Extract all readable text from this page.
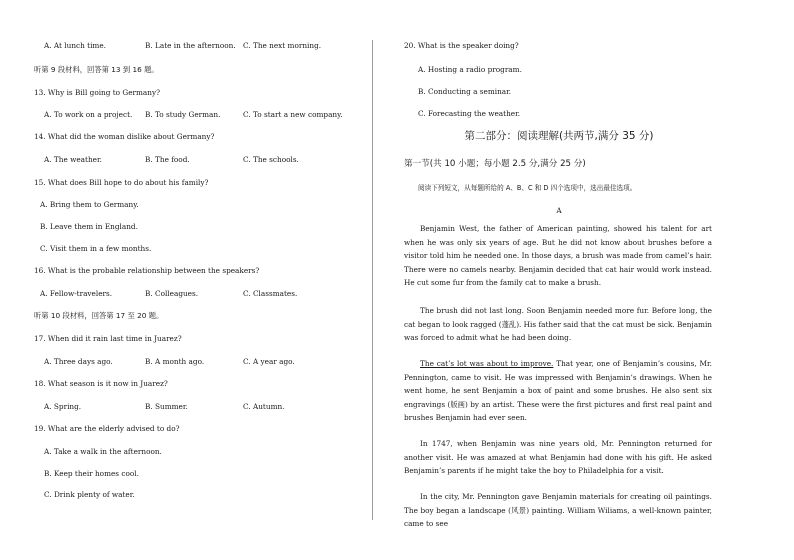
A. At lunch time.	B. Late in the afternoon. C. The next morning.
听第 9 段材料，回答第 13 到 16 题。
13. Why is Bill going to Germany?
A. To work on a project. B. To study German.	C. To start a new company.
14. What did the woman dislike about Germany?
A. The weather.	B. The food.	C. The schools.
15. What does Bill hope to do about his family?
A. Bring them to Germany.
B. Leave them in England.
C. Visit them in a few months.
16. What is the probable relationship between the speakers?
A. Fellow-travelers.	B. Colleagues.	C. Classmates.
听第 10 段材料，回答第 17 至 20 题。
17. When did it rain last time in Juarez?
A. Three days ago.	B. A month ago.	C. A year ago.
18. What season is it now in Juarez?
A. Spring.	B. Summer.	C. Autumn.
19. What are the elderly advised to do?
A. Take a walk in the afternoon.
B. Keep their homes cool.
C. Drink plenty of water.
20. What is the speaker doing?
A. Hosting a radio program.
B. Conducting a seminar.
C. Forecasting the weather.
第二部分：阅读理解(共两节,满分 35 分)
第一节(共 10 小题；每小题 2.5 分,满分 25 分)
阅读下列短文，从每题所给的 A、B、C 和 D 四个选项中，选出最佳选项。
A
Benjamin West, the father of American painting, showed his talent for art when he was only six years of age. But he did not know about brushes before a visitor told him he needed one. In those days, a brush was made from camel’s hair. There were no camels nearby. Benjamin decided that cat hair would work instead. He cut some fur from the family cat to make a brush.
The brush did not last long. Soon Benjamin needed more fur. Before long, the cat began to look ragged (蓬乱). His father said that the cat must be sick. Benjamin was forced to admit what he had been doing.
The cat’s lot was about to improve. That year, one of Benjamin’s cousins, Mr. Pennington, came to visit. He was impressed with Benjamin’s drawings. When he went home, he sent Benjamin a box of paint and some brushes. He also sent six engravings (版画) by an artist. These were the first pictures and first real paint and brushes Benjamin had ever seen.
In 1747, when Benjamin was nine years old, Mr. Pennington returned for another visit. He was amazed at what Benjamin had done with his gift. He asked Benjamin’s parents if he might take the boy to Philadelphia for a visit.
In the city, Mr. Pennington gave Benjamin materials for creating oil paintings. The boy began a landscape (风景) painting. William Wiliams, a well-known painter, came to see
